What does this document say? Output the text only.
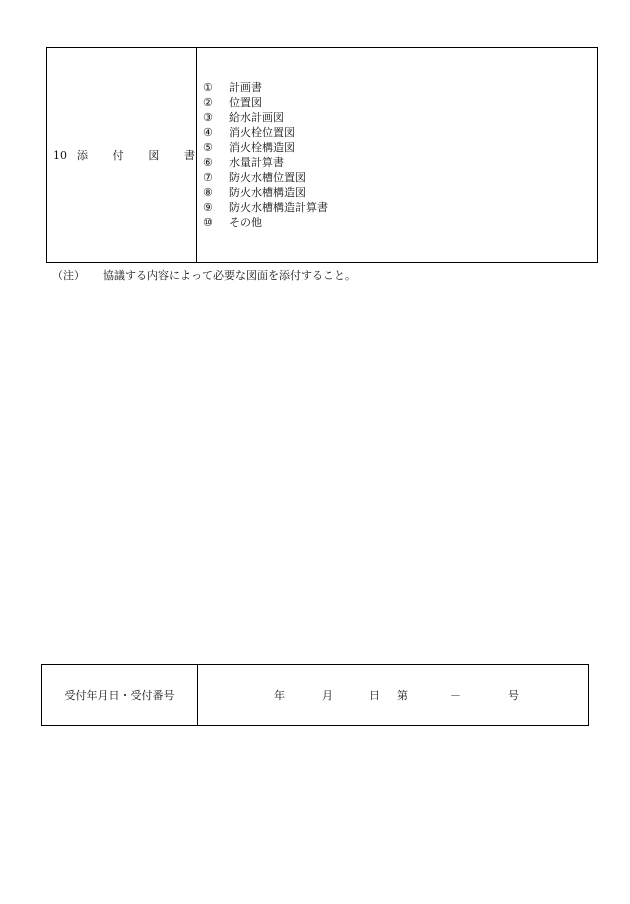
10 添 付 図 書
①	計画書
②	位置図
③	給水計画図
④	消火栓位置図
⑤	消火栓構造図
⑥	水量計算書
⑦	防火水槽位置図
⑧	防火水槽構造図
⑨	防火水槽構造計算書
⑩	その他
（注） 協議する内容によって必要な図面を添付すること。
受付年月日・受付番号	年	月	日 第	－	号
